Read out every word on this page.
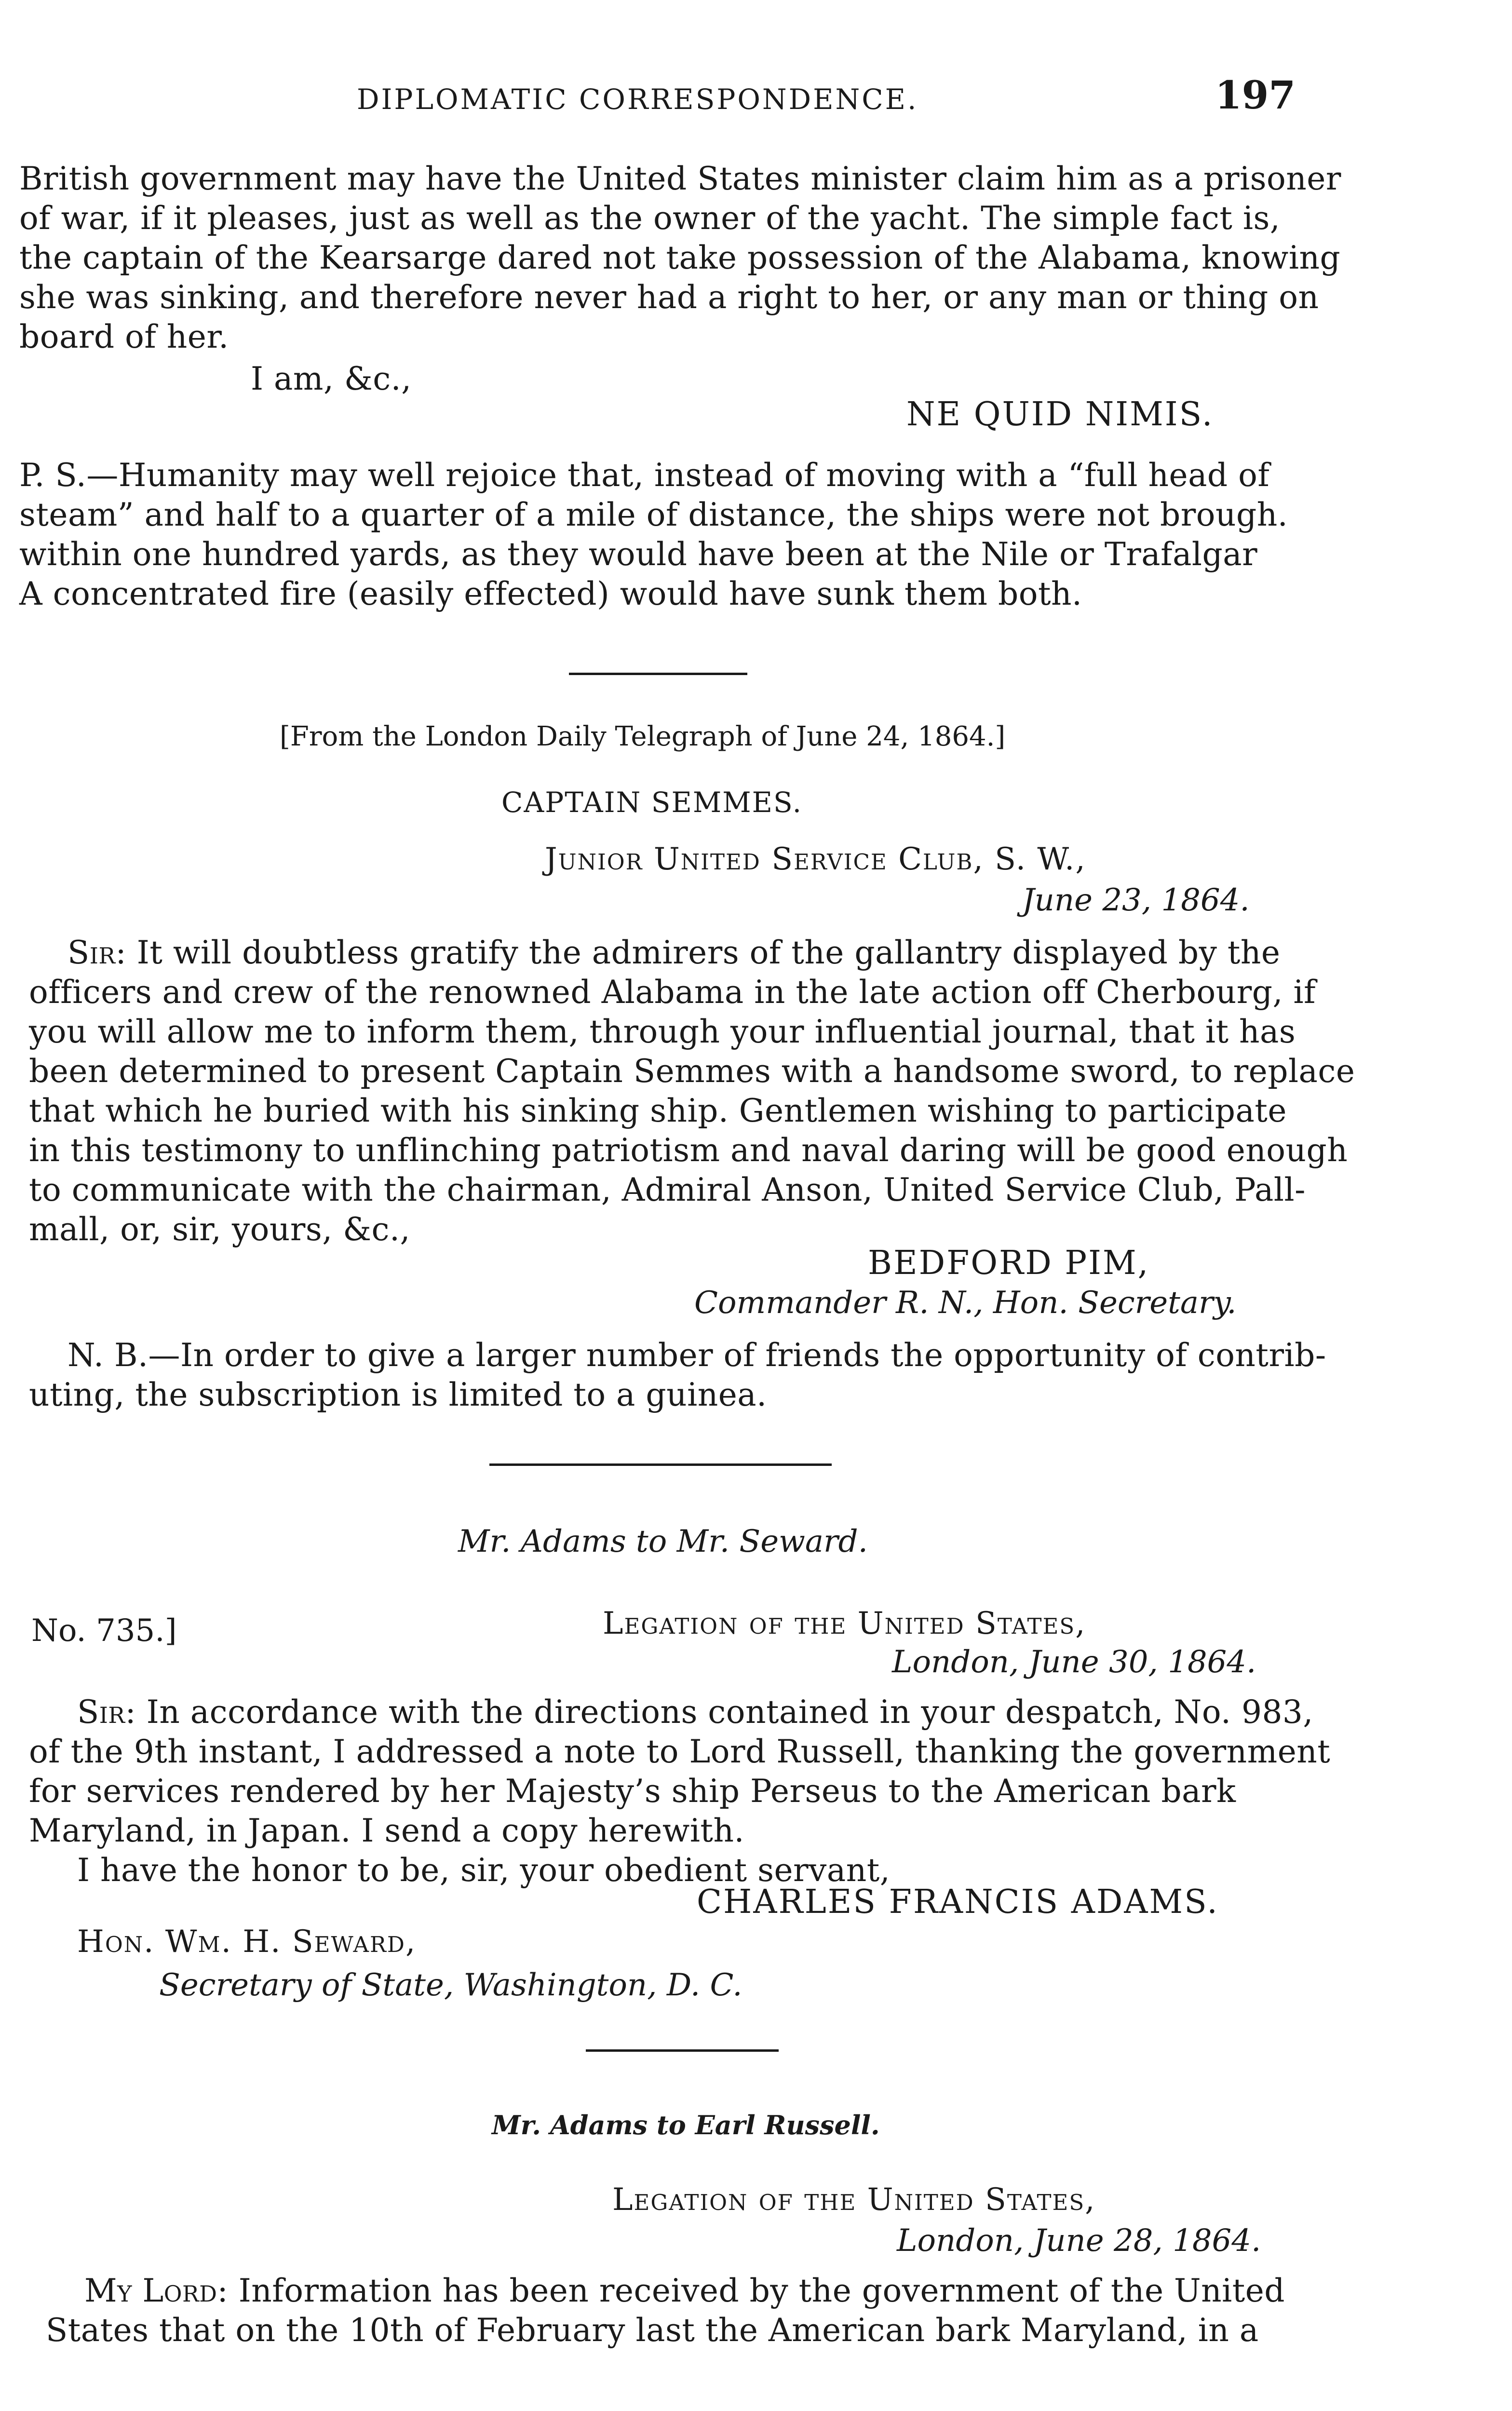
DIPLOMATIC CORRESPONDENCE.	197
British government may have the United States minister claim him as a prisoner
of war, if it pleases, just as well as the owner of the yacht. The simple fact is,
the captain of the Kearsarge dared not take possession of the Alabama, knowing
she was sinking, and therefore never had a right to her, or any man or thing on
board of her.
I am, &c.,
NE QUID NIMIS.
P. S.—Humanity may well rejoice that, instead of moving with a “full head of
steam” and half to a quarter of a mile of distance, the ships were not brough.
within one hundred yards, as they would have been at the Nile or Trafalgar
A concentrated fire (easily effected) would have sunk them both.
[From the London Daily Telegraph of June 24, 1864.]
CAPTAIN SEMMES.
Junior United Service Club, S. W.,
June 23, 1864.
Sir: It will doubtless gratify the admirers of the gallantry displayed by the
officers and crew of the renowned Alabama in the late action off Cherbourg, if
you will allow me to inform them, through your influential journal, that it has
been determined to present Captain Semmes with a handsome sword, to replace
that which he buried with his sinking ship. Gentlemen wishing to participate
in this testimony to unflinching patriotism and naval daring will be good enough
to communicate with the chairman, Admiral Anson, United Service Club, Pall-
mall, or, sir, yours, &c.,
BEDFORD PIM,
Commander R. N., Hon. Secretary.
N. B.—In order to give a larger number of friends the opportunity of contrib-
uting, the subscription is limited to a guinea.
Mr. Adams to Mr. Seward.
No. 735.]	Legation of the United States,
London, June 30, 1864.
Sir: In accordance with the directions contained in your despatch, No. 983,
of the 9th instant, I addressed a note to Lord Russell, thanking the government
for services rendered by her Majesty’s ship Perseus to the American bark
Maryland, in Japan. I send a copy herewith.
I have the honor to be, sir, your obedient servant,
CHARLES FRANCIS ADAMS.
Hon. Wm. H. Seward,
Secretary of State, Washington, D. C.
Mr. Adams to Earl Russell.
Legation of the United States,
London, June 28, 1864.
My Lord: Information has been received by the government of the United
States that on the 10th of February last the American bark Maryland, in a
